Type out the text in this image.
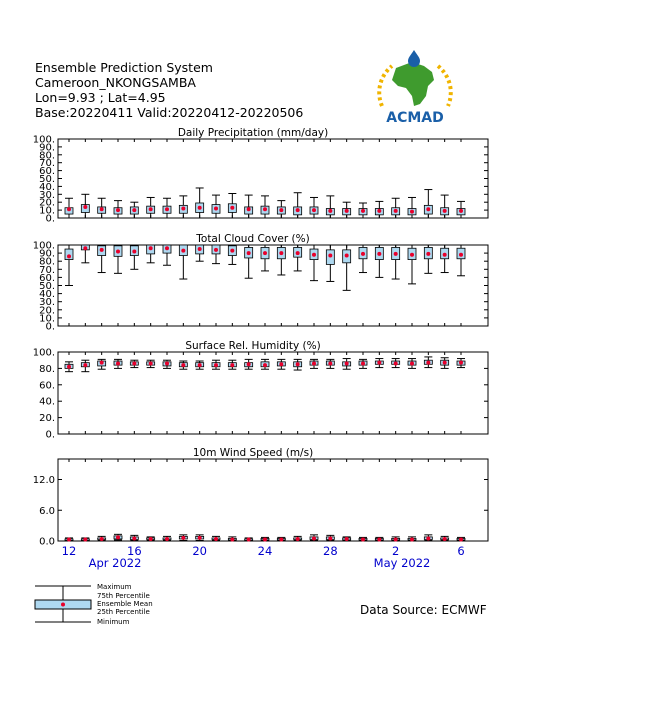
Ensemble Prediction System
Cameroon_NKONGSAMBA
Lon=9.93 ; Lat=4.95
Base:20220411 Valid:20220412-20220506	ACMAD
Daily Precipitation (mm/day)
0.
10.
20.
30.
40.
50.
60.
70.
80.
90.
100.
Total Cloud Cover (%)
0.
10.
20.
30.
40.
50.
60.
70.
80.
90.
100.
Surface Rel. Humidity (%)
0.
20.
40.
60.
80.
100.
10m Wind Speed (m/s)
0.0
6.0
12.0
12	16	20	24	28	2	6
Apr 2022	May 2022
Maximum
75th Percentile
Ensemble Mean
25th Percentile
Minimum
Data Source: ECMWF
